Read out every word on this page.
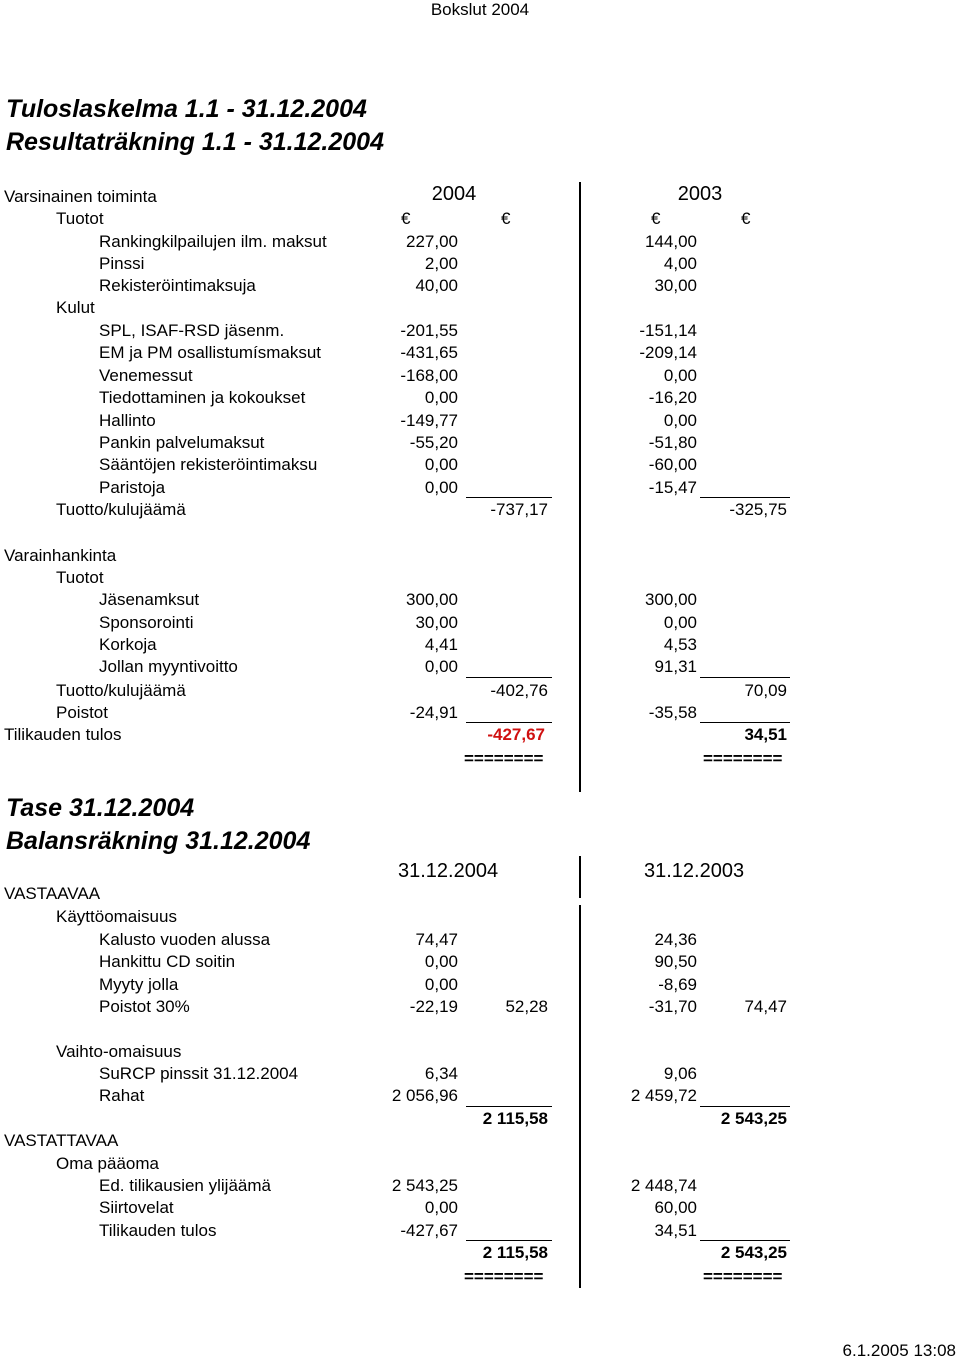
Bokslut 2004
Tuloslaskelma 1.1 - 31.12.2004
Resultaträkning 1.1 - 31.12.2004
Varsinainen toiminta	2004	2003
Tuotot	€	€	€	€
Rankingkilpailujen ilm. maksut	227,00	144,00
Pinssi	2,00	4,00
Rekisteröintimaksuja	40,00	30,00
Kulut
SPL, ISAF-RSD jäsenm.	-201,55	-151,14
EM ja PM osallistumísmaksut	-431,65	-209,14
Venemessut	-168,00	0,00
Tiedottaminen ja kokoukset	0,00	-16,20
Hallinto	-149,77	0,00
Pankin palvelumaksut	-55,20	-51,80
Sääntöjen rekisteröintimaksu	0,00	-60,00
Paristoja	0,00	-15,47
Tuotto/kulujäämä	-737,17	-325,75
Varainhankinta
Tuotot
Jäsenamksut	300,00	300,00
Sponsorointi	30,00	0,00
Korkoja	4,41	4,53
Jollan myyntivoitto	0,00	91,31
Tuotto/kulujäämä	-402,76	70,09
Poistot	-24,91	-35,58
Tilikauden tulos	-427,67	34,51
========	========
Tase 31.12.2004
Balansräkning 31.12.2004
31.12.2004	31.12.2003
VASTAAVAA
Käyttöomaisuus
Kalusto vuoden alussa	74,47	24,36
Hankittu CD soitin	0,00	90,50
Myyty jolla	0,00	-8,69
Poistot 30%	-22,19	52,28	-31,70	74,47
Vaihto-omaisuus
SuRCP pinssit 31.12.2004	6,34	9,06
Rahat	2 056,96	2 459,72
2 115,58	2 543,25
VASTATTAVAA
Oma pääoma
Ed. tilikausien ylijäämä	2 543,25	2 448,74
Siirtovelat	0,00	60,00
Tilikauden tulos	-427,67	34,51
2 115,58	2 543,25
========	========
6.1.2005 13:08
